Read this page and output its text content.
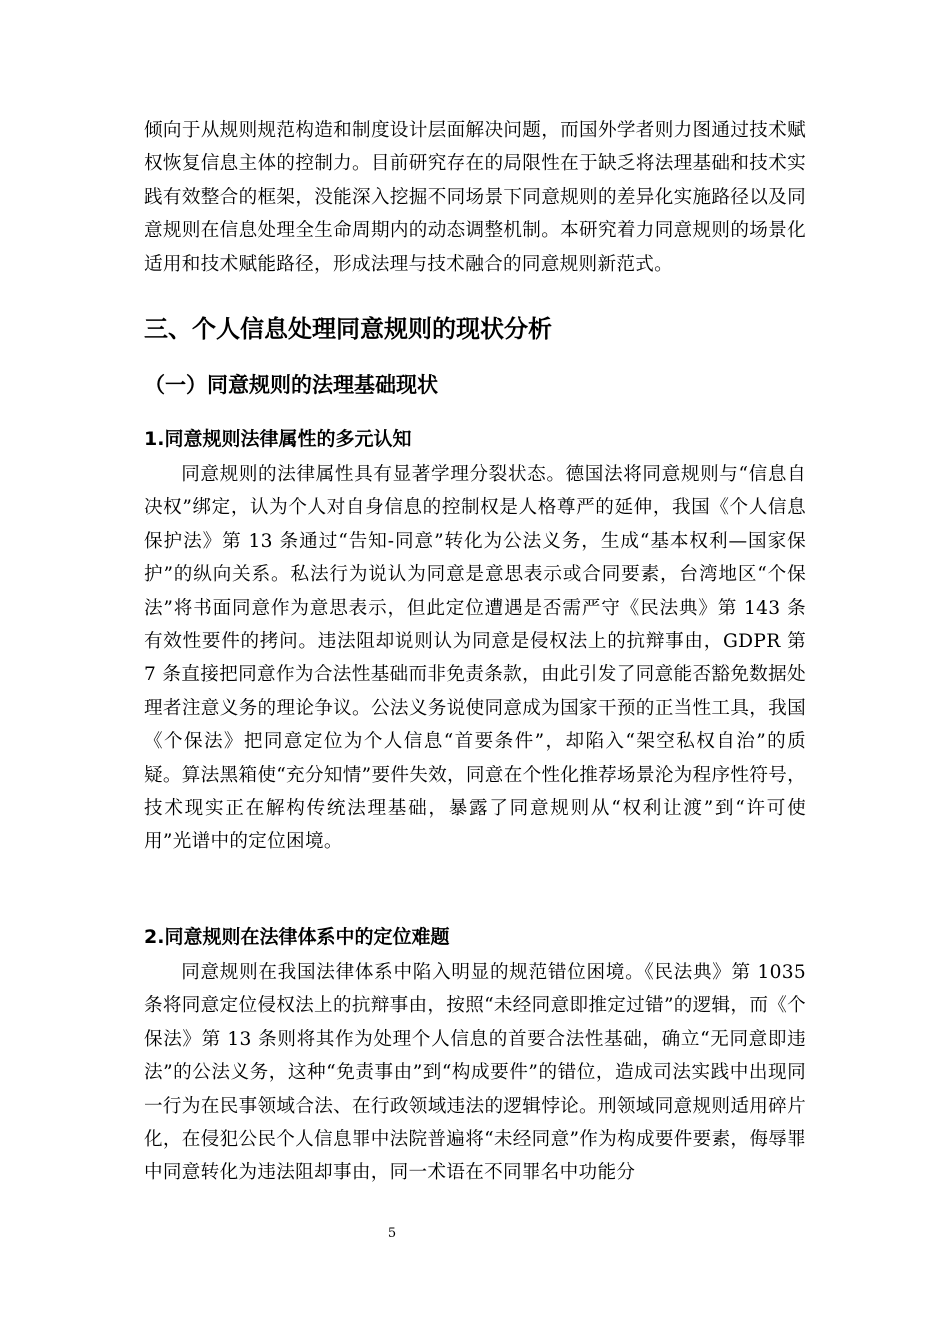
倾向于从规则规范构造和制度设计层面解决问题，而国外学者则力图通过技术赋权恢复信息主体的控制力。目前研究存在的局限性在于缺乏将法理基础和技术实践有效整合的框架，没能深入挖掘不同场景下同意规则的差异化实施路径以及同意规则在信息处理全生命周期内的动态调整机制。本研究着力同意规则的场景化适用和技术赋能路径，形成法理与技术融合的同意规则新范式。

三、个人信息处理同意规则的现状分析
（一）同意规则的法理基础现状
1.同意规则法律属性的多元认知

同意规则的法律属性具有显著学理分裂状态。德国法将同意规则与“信息自决权”绑定，认为个人对自身信息的控制权是人格尊严的延伸，我国《个人信息保护法》第 13 条通过“告知-同意”转化为公法义务，生成“基本权利—国家保护”的纵向关系。私法行为说认为同意是意思表示或合同要素，台湾地区“个保法”将书面同意作为意思表示，但此定位遭遇是否需严守《民法典》第 143 条有效性要件的拷问。违法阻却说则认为同意是侵权法上的抗辩事由，GDPR 第 7 条直接把同意作为合法性基础而非免责条款，由此引发了同意能否豁免数据处理者注意义务的理论争议。公法义务说使同意成为国家干预的正当性工具，我国《个保法》把同意定位为个人信息“首要条件”，却陷入“架空私权自治”的质疑。算法黑箱使“充分知情”要件失效，同意在个性化推荐场景沦为程序性符号，技术现实正在解构传统法理基础，暴露了同意规则从“权利让渡”到“许可使用”光谱中的定位困境。

2.同意规则在法律体系中的定位难题

同意规则在我国法律体系中陷入明显的规范错位困境。《民法典》第 1035 条将同意定位侵权法上的抗辩事由，按照“未经同意即推定过错”的逻辑，而《个保法》第 13 条则将其作为处理个人信息的首要合法性基础，确立“无同意即违法”的公法义务，这种“免责事由”到“构成要件”的错位，造成司法实践中出现同一行为在民事领域合法、在行政领域违法的逻辑悖论。刑领域同意规则适用碎片化，在侵犯公民个人信息罪中法院普遍将“未经同意”作为构成要件要素，侮辱罪中同意转化为违法阻却事由，同一术语在不同罪名中功能分

5
